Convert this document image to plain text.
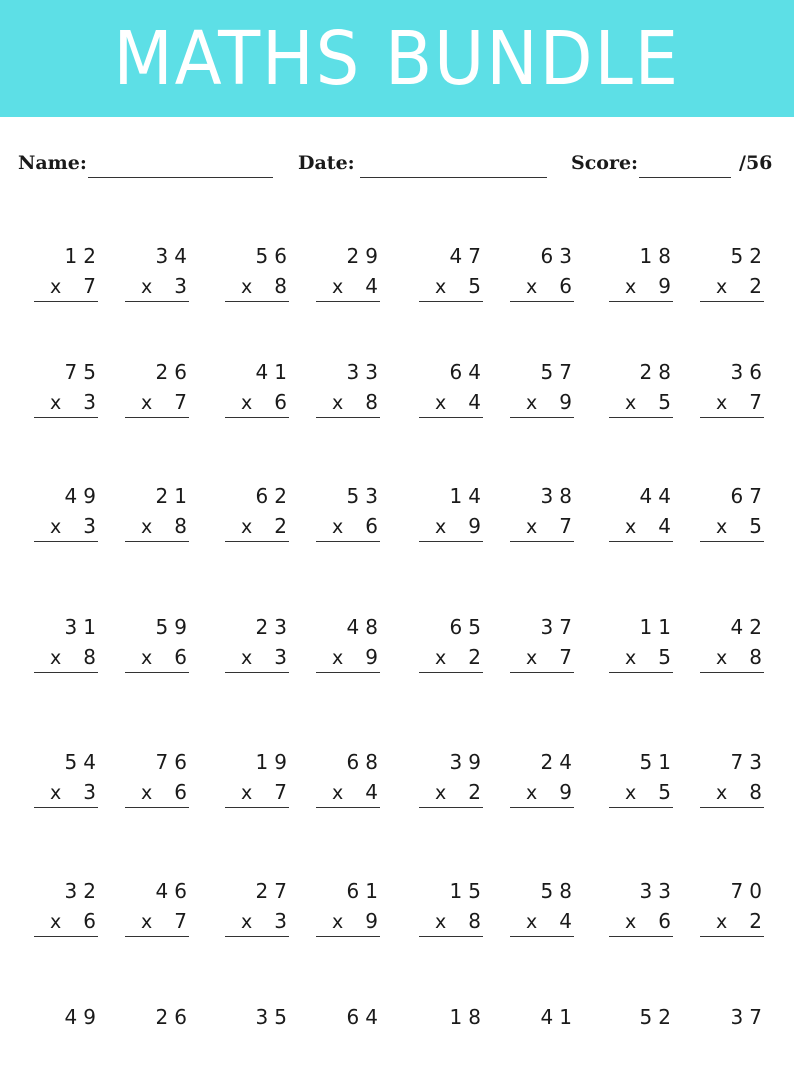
MATHS BUNDLE
Name:	Date:	Score:	/56
12
x 7
34
x 3
56
x 8
29
x 4
47
x 5
63
x 6
18
x 9
52
x 2
75
x 3
26
x 7
41
x 6
33
x 8
64
x 4
57
x 9
28
x 5
36
x 7
49
x 3
21
x 8
62
x 2
53
x 6
14
x 9
38
x 7
44
x 4
67
x 5
31
x 8
59
x 6
23
x 3
48
x 9
65
x 2
37
x 7
11
x 5
42
x 8
54
x 3
76
x 6
19
x 7
68
x 4
39
x 2
24
x 9
51
x 5
73
x 8
32
x 6
46
x 7
27
x 3
61
x 9
15
x 8
58
x 4
33
x 6
70
x 2
49	26	35	64	18	41	52	37
